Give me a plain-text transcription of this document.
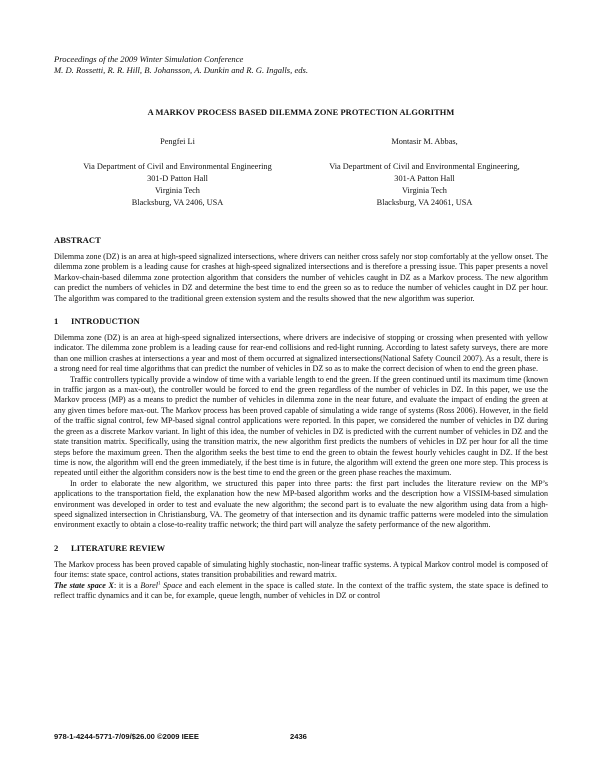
Proceedings of the 2009 Winter Simulation Conference

M. D. Rossetti, R. R. Hill, B. Johansson, A. Dunkin and R. G. Ingalls, eds.

A MARKOV PROCESS BASED DILEMMA ZONE PROTECTION ALGORITHM
Pengfei Li
Via Department of Civil and Environmental Engineering
301-D Patton Hall
Virginia Tech
Blacksburg, VA 2406, USA
Montasir M. Abbas,
Via Department of Civil and Environmental Engineering,
301-A Patton Hall
Virginia Tech
Blacksburg, VA 24061, USA
ABSTRACT

Dilemma zone (DZ) is an area at high-speed signalized intersections, where drivers can neither cross safely nor stop comfortably at the yellow onset. The dilemma zone problem is a leading cause for crashes at high-speed signalized intersections and is therefore a pressing issue. This paper presents a novel Markov-chain-based dilemma zone protection algorithm that considers the number of vehicles caught in DZ as a Markov process. The new algorithm can predict the numbers of vehicles in DZ and determine the best time to end the green so as to reduce the number of vehicles caught in DZ per hour. The algorithm was compared to the traditional green extension system and the results showed that the new algorithm was superior.

1 INTRODUCTION

Dilemma zone (DZ) is an area at high-speed signalized intersections, where drivers are indecisive of stopping or crossing when presented with yellow indicator. The dilemma zone problem is a leading cause for rear-end collisions and red-light running. According to latest safety surveys, there are more than one million crashes at intersections a year and most of them occurred at signalized intersections(National Safety Council 2007). As a result, there is a strong need for real time algorithms that can predict the number of vehicles in DZ so as to make the correct decision of when to end the green phase.

Traffic controllers typically provide a window of time with a variable length to end the green. If the green continued until its maximum time (known in traffic jargon as a max-out), the controller would be forced to end the green regardless of the number of vehicles in DZ. In this paper, we use the Markov process (MP) as a means to predict the number of vehicles in dilemma zone in the near future, and evaluate the impact of ending the green at any given times before max-out. The Markov process has been proved capable of simulating a wide range of systems (Ross 2006). However, in the field of the traffic signal control, few MP-based signal control applications were reported. In this paper, we considered the number of vehicles in DZ during the green as a discrete Markov variant. In light of this idea, the number of vehicles in DZ is predicted with the current number of vehicles in DZ and the state transition matrix. Specifically, using the transition matrix, the new algorithm first predicts the numbers of vehicles in DZ per hour for all the time steps before the maximum green. Then the algorithm seeks the best time to end the green to obtain the fewest hourly vehicles caught in DZ. If the best time is now, the algorithm will end the green immediately, if the best time is in future, the algorithm will extend the green one more step. This process is repeated until either the algorithm considers now is the best time to end the green or the green phase reaches the maximum.

In order to elaborate the new algorithm, we structured this paper into three parts: the first part includes the literature review on the MP’s applications to the transportation field, the explanation how the new MP-based algorithm works and the description how a VISSIM-based simulation environment was developed in order to test and evaluate the new algorithm; the second part is to evaluate the new algorithm using data from a high-speed signalized intersection in Christiansburg, VA. The geometry of that intersection and its dynamic traffic patterns were modeled into the simulation environment exactly to obtain a close-to-reality traffic network; the third part will analyze the safety performance of the new algorithm.

2 LITERATURE REVIEW

The Markov process has been proved capable of simulating highly stochastic, non-linear traffic systems. A typical Markov control model is composed of four items: state space, control actions, states transition probabilities and reward matrix.

The state space X: it is a Borel$^1$ Space and each element in the space is called state. In the context of the traffic system, the state space is defined to reflect traffic dynamics and it can be, for example, queue length, number of vehicles in DZ or control

978-1-4244-5771-7/09/$26.00 ©2009 IEEE	2436
